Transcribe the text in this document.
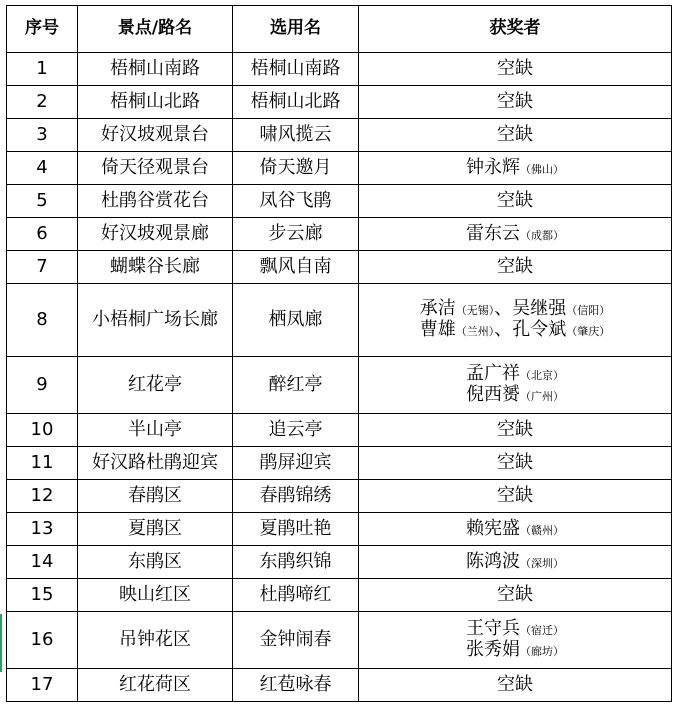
序号	景点/路名	选用名	获奖者
1	梧桐山南路	梧桐山南路	空缺

2	梧桐山北路	梧桐山北路	空缺

3	好汉坡观景台	啸风揽云	空缺

4	倚天径观景台	倚天邀月	钟永辉（佛山）

5	杜鹃谷赏花台	凤谷飞鹃	空缺

6	好汉坡观景廊	步云廊	雷东云（成都）

7	蝴蝶谷长廊	飘风自南	空缺

8	小梧桐广场长廊	栖凤廊	承洁（无锡）、吴继强（信阳）
曹雄（兰州）、孔令斌（肇庆）

9	红花亭	醉红亭	孟广祥（北京）
倪西赟（广州）

10	半山亭	追云亭	空缺

11	好汉路杜鹃迎宾	鹃屏迎宾	空缺

12	春鹃区	春鹃锦绣	空缺

13	夏鹃区	夏鹃吐艳	赖宪盛（赣州）

14	东鹃区	东鹃织锦	陈鸿波（深圳）

15	映山红区	杜鹃啼红	空缺

16	吊钟花区	金钟闹春	王守兵（宿迁）
张秀娟（廊坊）

17	红花荷区	红苞咏春	空缺
